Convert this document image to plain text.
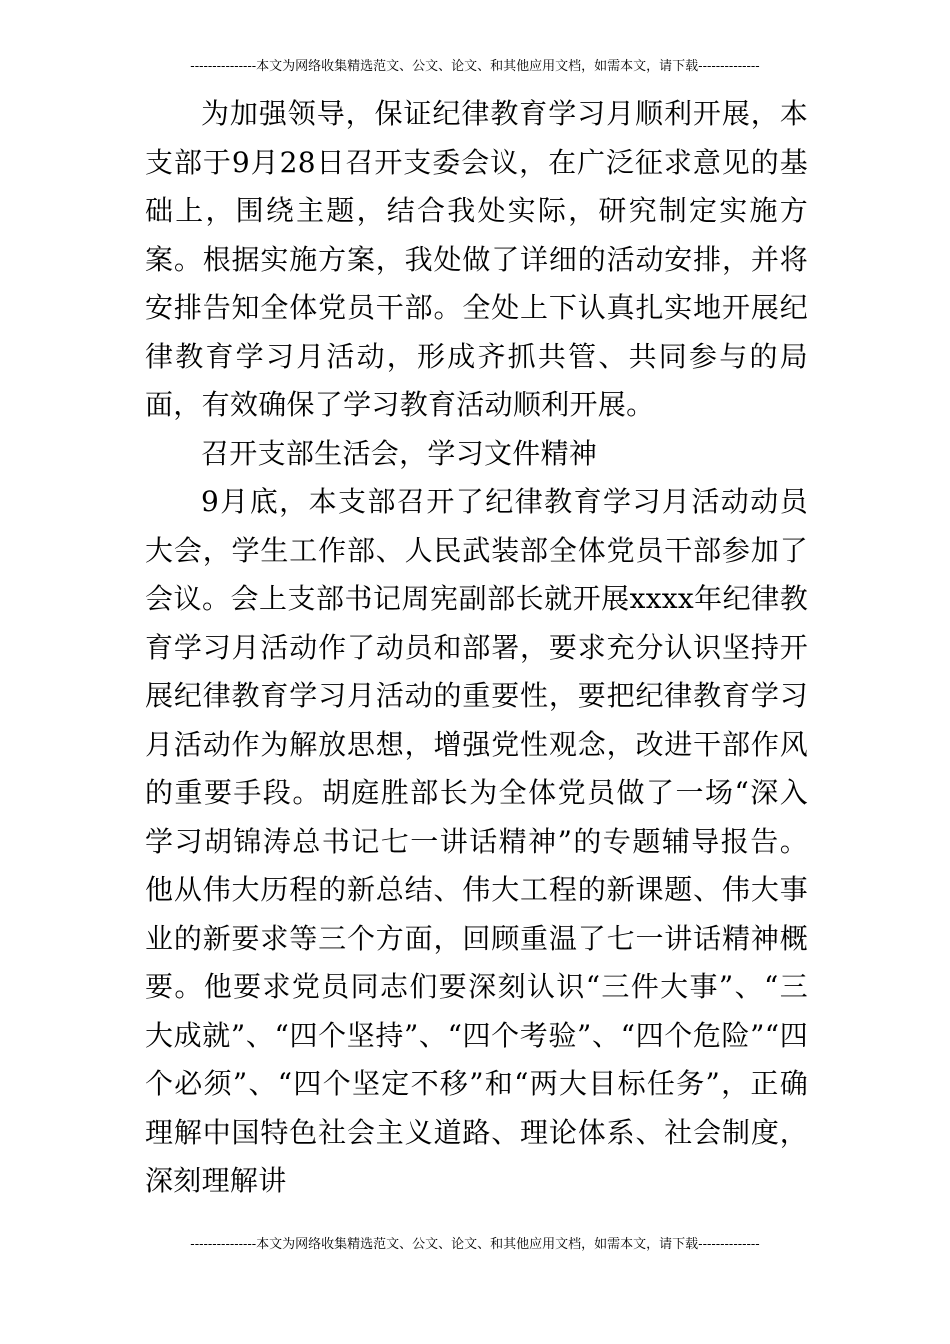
---------------本文为网络收集精选范文、公文、论文、和其他应用文档，如需本文，请下载--------------

为加强领导，保证纪律教育学习月顺利开展，本支部于9月28日召开支委会议，在广泛征求意见的基础上，围绕主题，结合我处实际，研究制定实施方案。根据实施方案，我处做了详细的活动安排，并将安排告知全体党员干部。全处上下认真扎实地开展纪律教育学习月活动，形成齐抓共管、共同参与的局面，有效确保了学习教育活动顺利开展。

召开支部生活会，学习文件精神

9月底，本支部召开了纪律教育学习月活动动员大会，学生工作部、人民武装部全体党员干部参加了会议。会上支部书记周宪副部长就开展xxxx年纪律教育学习月活动作了动员和部署，要求充分认识坚持开展纪律教育学习月活动的重要性，要把纪律教育学习月活动作为解放思想，增强党性观念，改进干部作风的重要手段。胡庭胜部长为全体党员做了一场“深入学习胡锦涛总书记七一讲话精神”的专题辅导报告。他从伟大历程的新总结、伟大工程的新课题、伟大事业的新要求等三个方面，回顾重温了七一讲话精神概要。他要求党员同志们要深刻认识“三件大事”、“三大成就”、“四个坚持”、“四个考验”、“四个危险”“四个必须”、“四个坚定不移”和“两大目标任务”，正确理解中国特色社会主义道路、理论体系、社会制度，深刻理解讲

---------------本文为网络收集精选范文、公文、论文、和其他应用文档，如需本文，请下载--------------
